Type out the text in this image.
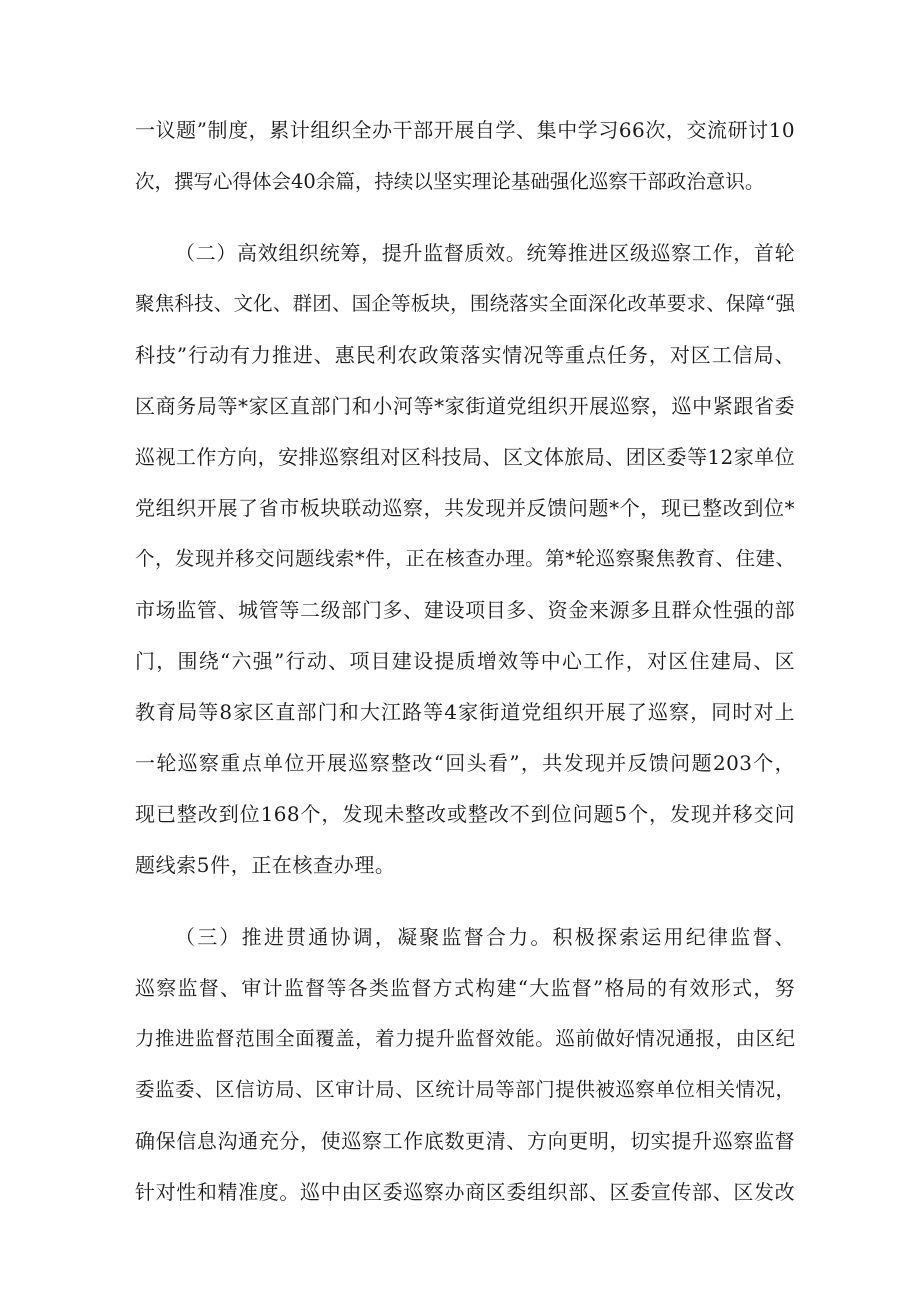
一议题”制度，累计组织全办干部开展自学、集中学习66次，交流研讨10

次，撰写心得体会40余篇，持续以坚实理论基础强化巡察干部政治意识。

（二）高效组织统筹，提升监督质效。统筹推进区级巡察工作，首轮

聚焦科技、文化、群团、国企等板块，围绕落实全面深化改革要求、保障“强

科技”行动有力推进、惠民利农政策落实情况等重点任务，对区工信局、

区商务局等*家区直部门和小河等*家街道党组织开展巡察，巡中紧跟省委

巡视工作方向，安排巡察组对区科技局、区文体旅局、团区委等12家单位

党组织开展了省市板块联动巡察，共发现并反馈问题*个，现已整改到位*

个，发现并移交问题线索*件，正在核查办理。第*轮巡察聚焦教育、住建、

市场监管、城管等二级部门多、建设项目多、资金来源多且群众性强的部

门，围绕“六强”行动、项目建设提质增效等中心工作，对区住建局、区

教育局等8家区直部门和大江路等4家街道党组织开展了巡察，同时对上

一轮巡察重点单位开展巡察整改“回头看”，共发现并反馈问题203个，

现已整改到位168个，发现未整改或整改不到位问题5个，发现并移交问

题线索5件，正在核查办理。

（三）推进贯通协调，凝聚监督合力。积极探索运用纪律监督、

巡察监督、审计监督等各类监督方式构建“大监督”格局的有效形式，努

力推进监督范围全面覆盖，着力提升监督效能。巡前做好情况通报，由区纪

委监委、区信访局、区审计局、区统计局等部门提供被巡察单位相关情况，

确保信息沟通充分，使巡察工作底数更清、方向更明，切实提升巡察监督

针对性和精准度。巡中由区委巡察办商区委组织部、区委宣传部、区发改
